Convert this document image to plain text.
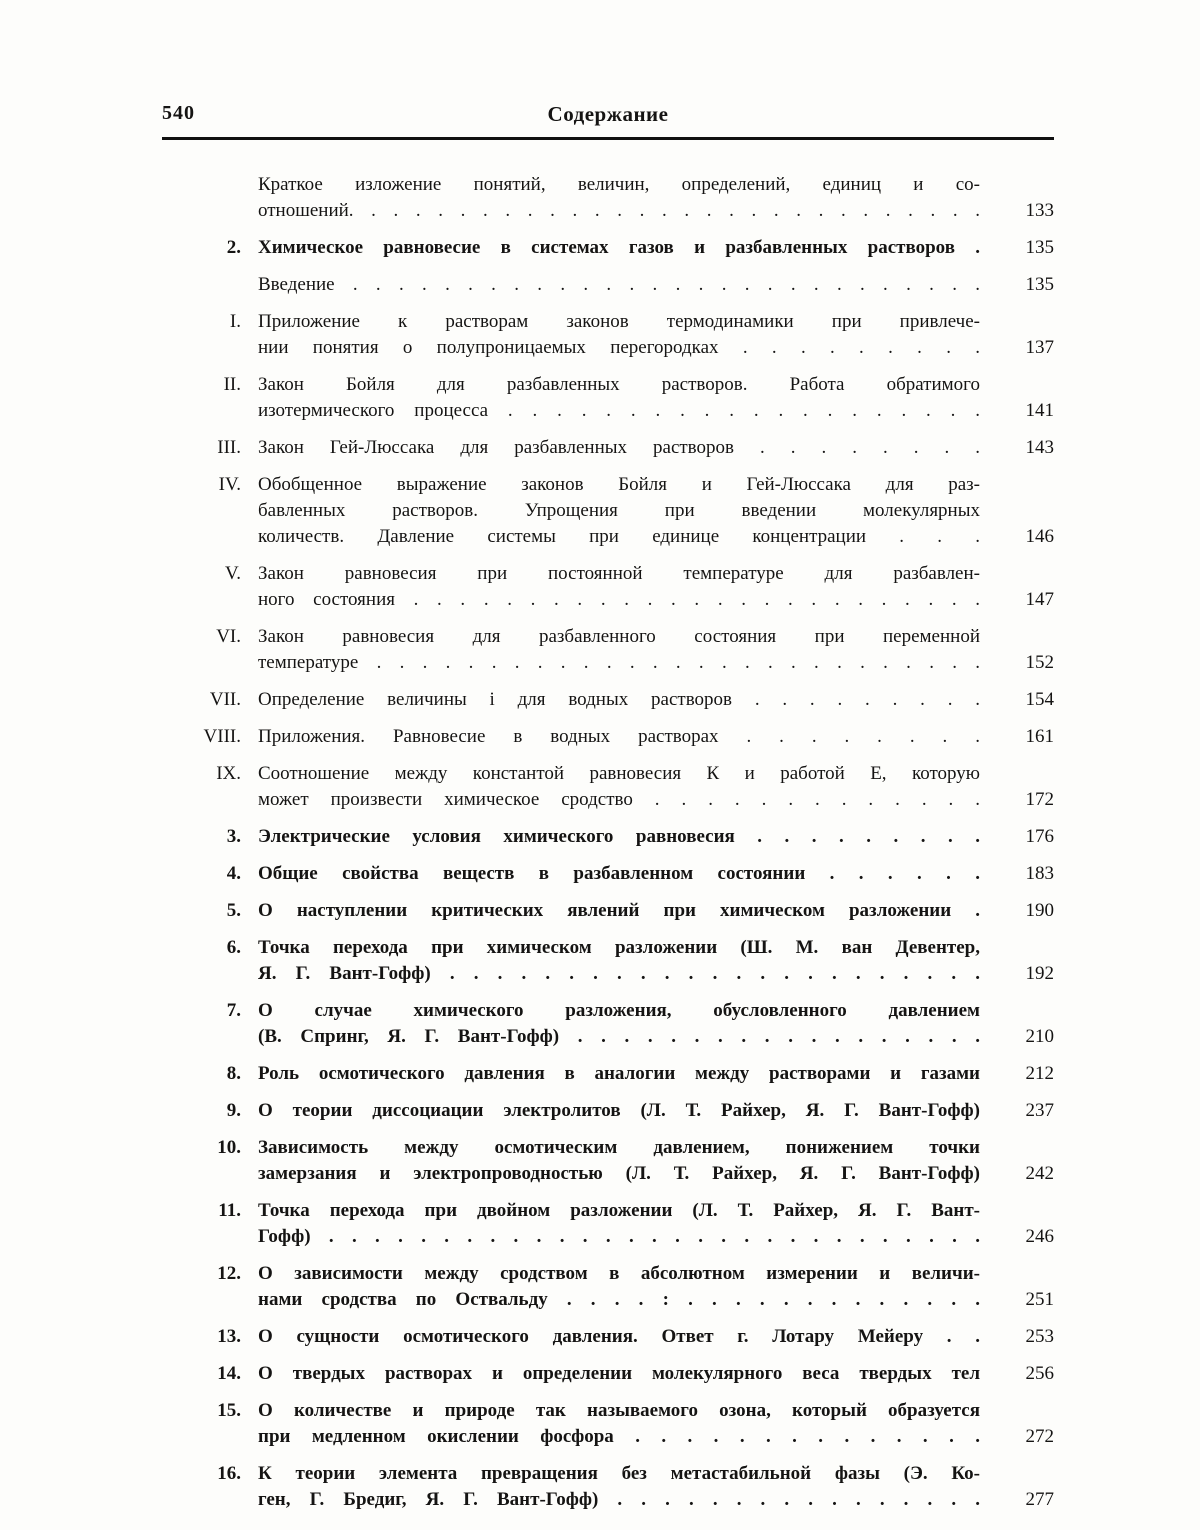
540	Содержание
Краткое изложение понятий, величин, определений, единиц и со-
отношений. . . . . . . . . . . . . . . . . . . . . . . . . . . . .	133
2. Химическое равновесие в системах газов и разбавленных растворов .	135
Введение . . . . . . . . . . . . . . . . . . . . . . . . . . . .	135
I. Приложение к растворам законов термодинамики при привлече-
нии понятия о полупроницаемых перегородках . . . . . . . . .	137
II. Закон Бойля для разбавленных растворов. Работа обратимого
изотермического процесса . . . . . . . . . . . . . . . . . . . .	141
III. Закон Гей-Люссака для разбавленных растворов . . . . . . . .	143
IV. Обобщенное выражение законов Бойля и Гей-Люссака для раз-
бавленных растворов. Упрощения при введении молекулярных
количеств. Давление системы при единице концентрации . . .	146
V. Закон равновесия при постоянной температуре для разбавлен-
ного состояния . . . . . . . . . . . . . . . . . . . . . . . . .	147
VI. Закон равновесия для разбавленного состояния при переменной
температуре . . . . . . . . . . . . . . . . . . . . . . . . . . .	152
VII. Определение величины i для водных растворов . . . . . . . . .	154
VIII. Приложения. Равновесие в водных растворах . . . . . . . .	161
IX. Соотношение между константой равновесия К и работой Е, которую
может произвести химическое сродство . . . . . . . . . . . . .	172
3. Электрические условия химического равновесия . . . . . . . . .	176
4. Общие свойства веществ в разбавленном состоянии . . . . . .	183
5. О наступлении критических явлений при химическом разложении .	190
6. Точка перехода при химическом разложении (Ш. М. ван Девентер,
Я. Г. Вант-Гофф) . . . . . . . . . . . . . . . . . . . . . . .	192
7. О случае химического разложения, обусловленного давлением
(В. Спринг, Я. Г. Вант-Гофф) . . . . . . . . . . . . . . . . . .	210
8. Роль осмотического давления в аналогии между растворами и газами	212
9. О теории диссоциации электролитов (Л. Т. Райхер, Я. Г. Вант-Гофф)	237
10. Зависимость между осмотическим давлением, понижением точки
замерзания и электропроводностью (Л. Т. Райхер, Я. Г. Вант-Гофф)	242
11. Точка перехода при двойном разложении (Л. Т. Райхер, Я. Г. Вант-
Гофф) . . . . . . . . . . . . . . . . . . . . . . . . . . . . .	246
12. О зависимости между сродством в абсолютном измерении и величи-
нами сродства по Оствальду . . . . : . . . . . . . . . . . . .	251
13. О сущности осмотического давления. Ответ г. Лотару Мейеру . .	253
14. О твердых растворах и определении молекулярного веса твердых тел	256
15. О количестве и природе так называемого озона, который образуется
при медленном окислении фосфора . . . . . . . . . . . . . .	272
16. К теории элемента превращения без метастабильной фазы (Э. Ко-
ген, Г. Бредиг, Я. Г. Вант-Гофф) . . . . . . . . . . . . . . . .	277
